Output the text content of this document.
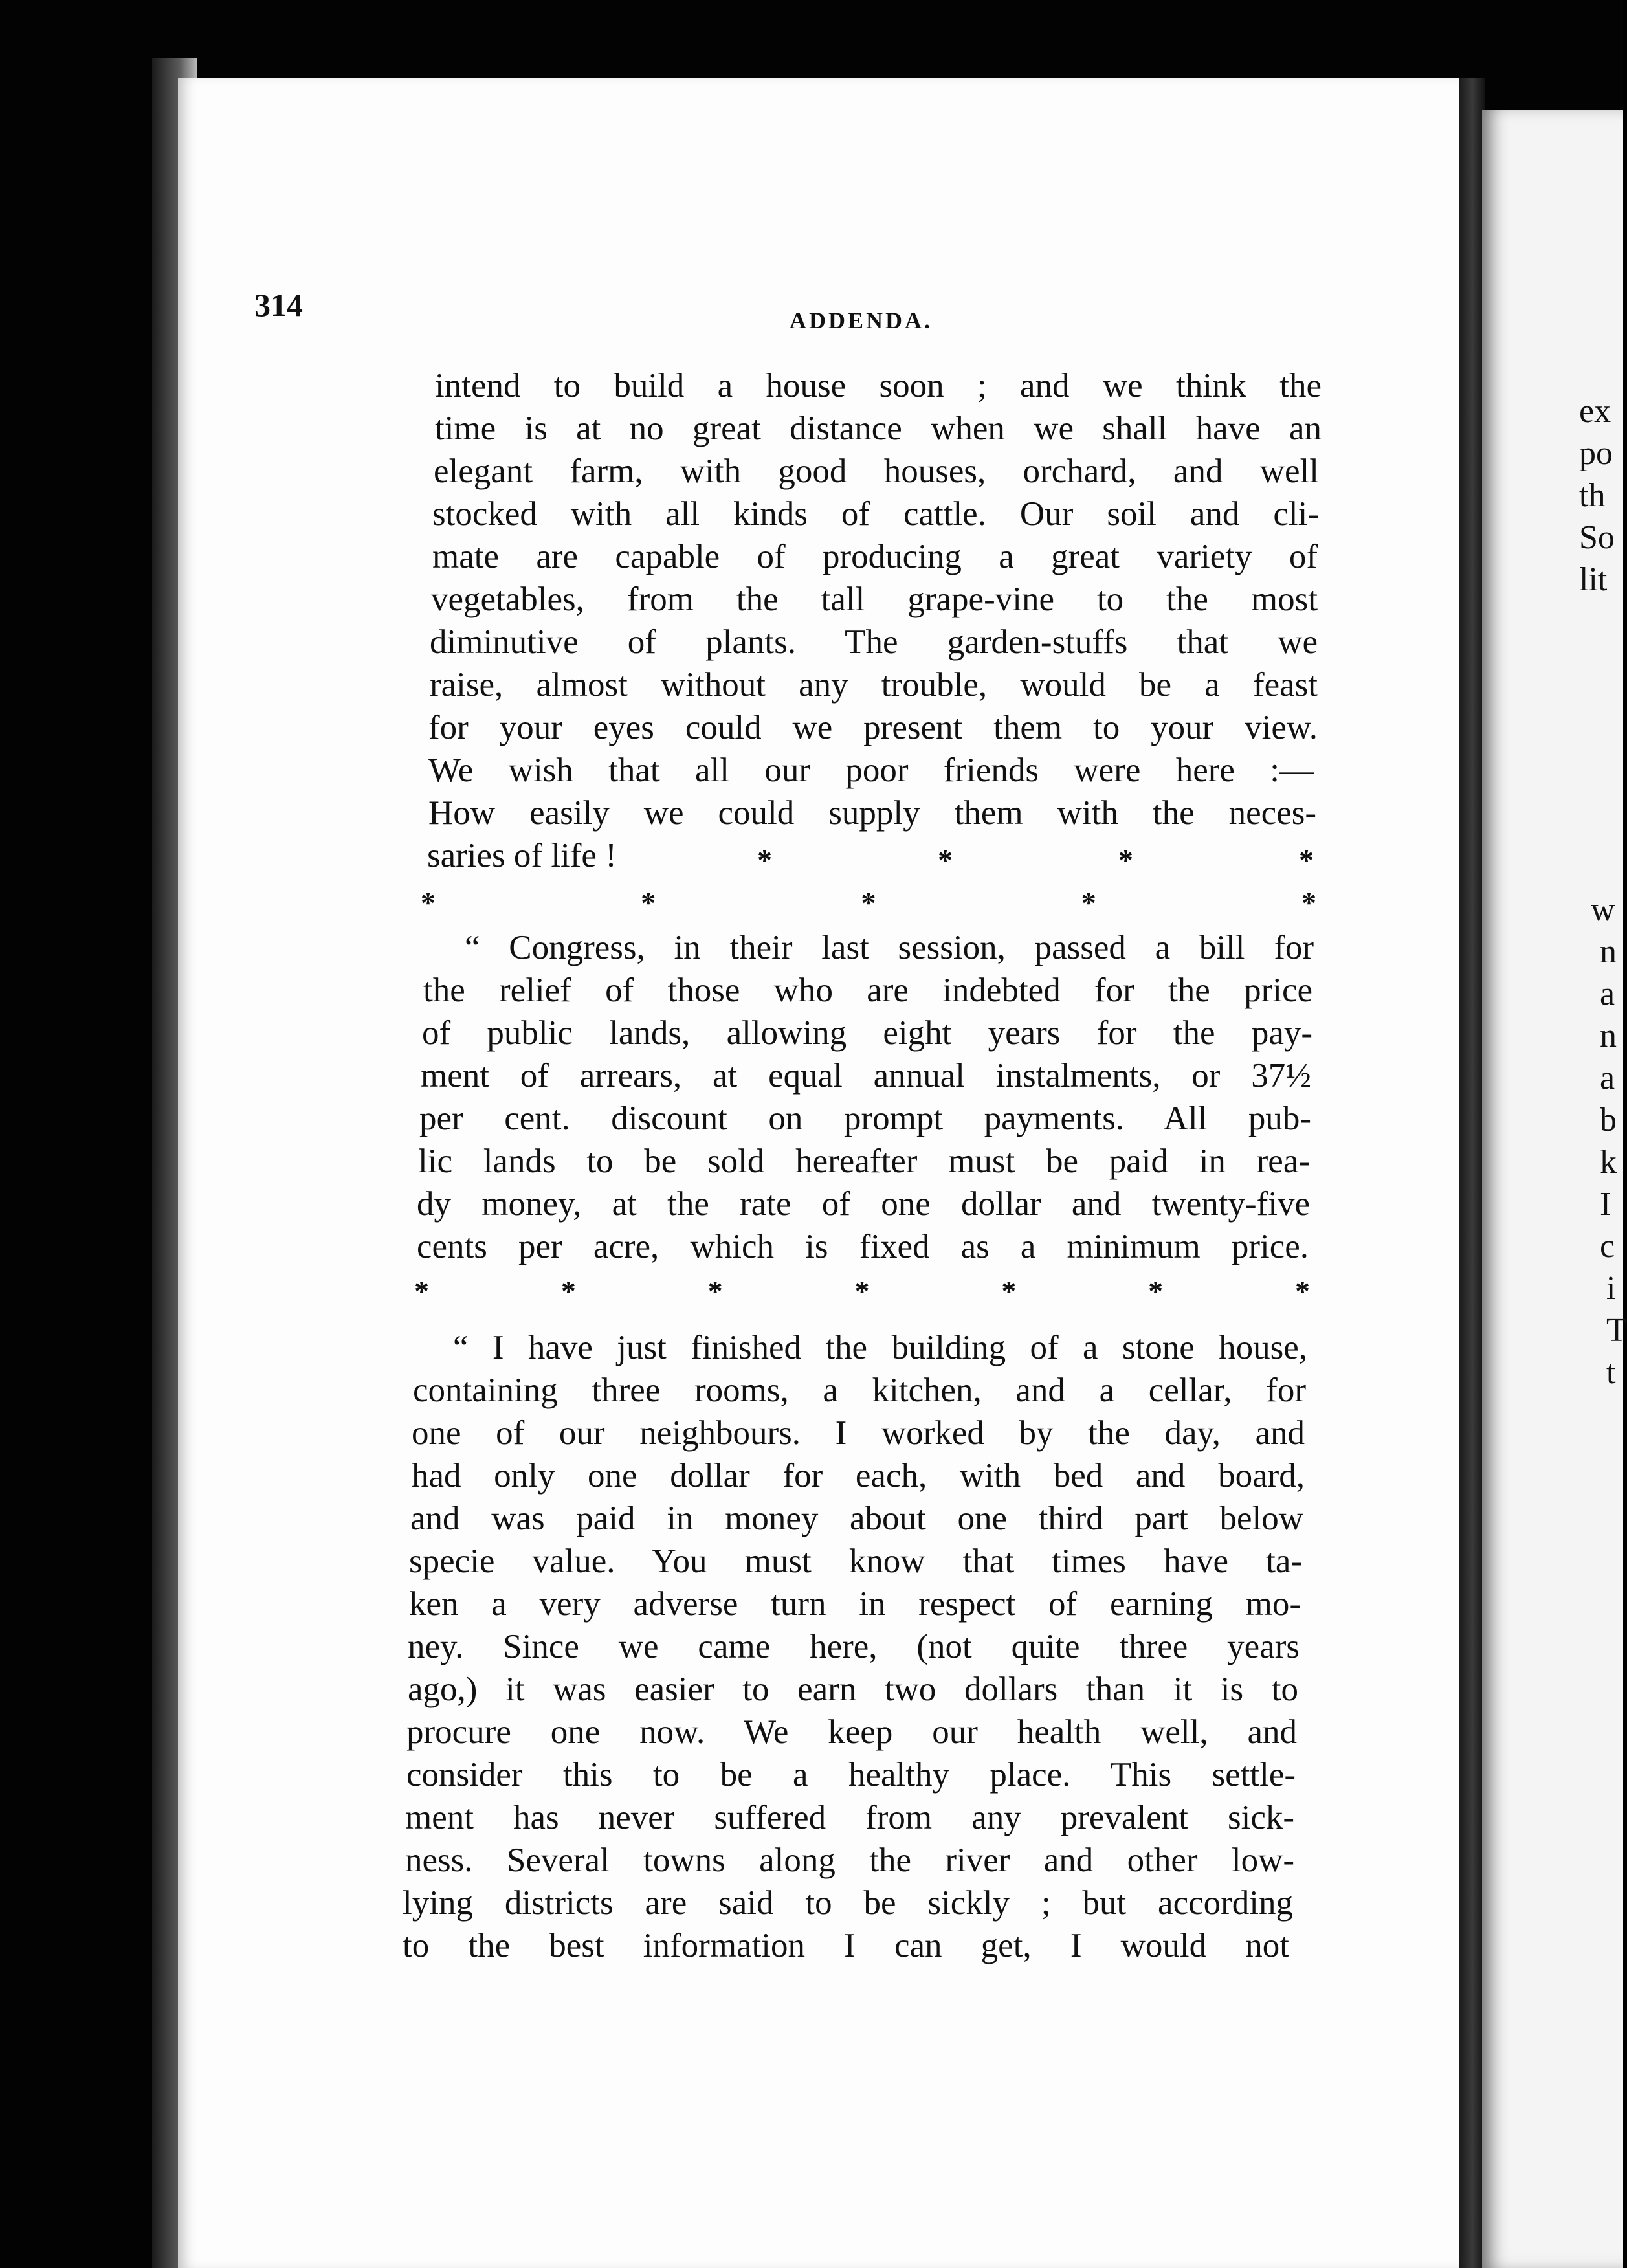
ex
po
th
So
lit
w
n
a
n
a
b
k
I
c
i
T
t
314	ADDENDA.
intend to build a house soon ; and we think the
time is at no great distance when we shall have an
elegant farm, with good houses, orchard, and well
stocked with all kinds of cattle. Our soil and cli-
mate are capable of producing a great variety of
vegetables, from the tall grape-vine to the most
diminutive of plants. The garden-stuffs that we
raise, almost without any trouble, would be a feast
for your eyes could we present them to your view.
We wish that all our poor friends were here :—
How easily we could supply them with the neces-
saries of life !	*	*	*	*
*	*	*	*	*
“ Congress, in their last session, passed a bill for
the relief of those who are indebted for the price
of public lands, allowing eight years for the pay-
ment of arrears, at equal annual instalments, or 37½
per cent. discount on prompt payments. All pub-
lic lands to be sold hereafter must be paid in rea-
dy money, at the rate of one dollar and twenty-five
cents per acre, which is fixed as a minimum price.
*	*	*	*	*	*	*
“ I have just finished the building of a stone house,
containing three rooms, a kitchen, and a cellar, for
one of our neighbours. I worked by the day, and
had only one dollar for each, with bed and board,
and was paid in money about one third part below
specie value. You must know that times have ta-
ken a very adverse turn in respect of earning mo-
ney. Since we came here, (not quite three years
ago,) it was easier to earn two dollars than it is to
procure one now. We keep our health well, and
consider this to be a healthy place. This settle-
ment has never suffered from any prevalent sick-
ness. Several towns along the river and other low-
lying districts are said to be sickly ; but according
to the best information I can get, I would not
